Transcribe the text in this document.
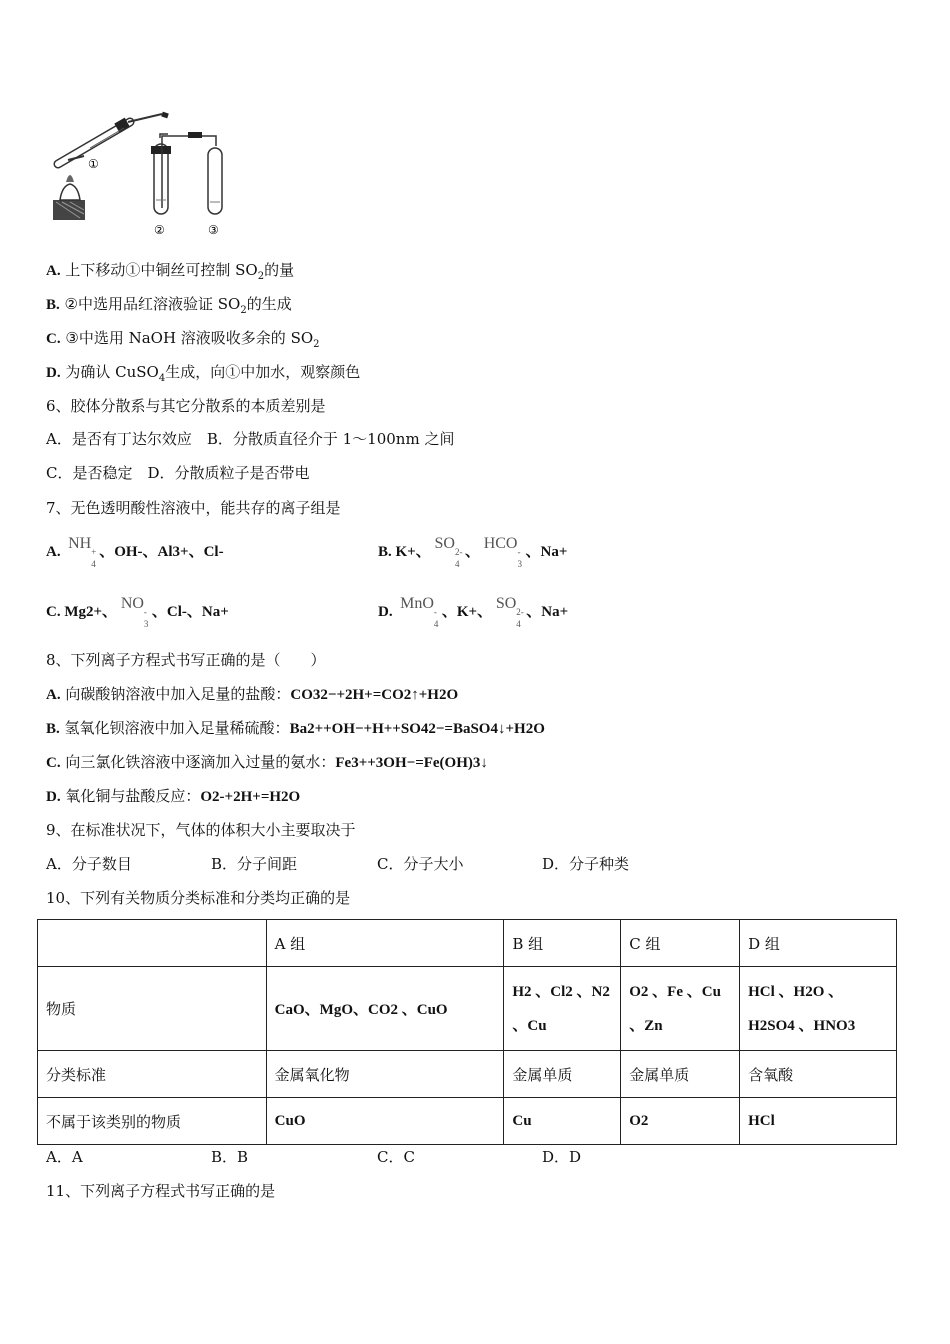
①
②	③
A. 上下移动①中铜丝可控制 $SO_2$的量
B. ②中选用品红溶液验证 $SO_2$的生成
C. ③中选用 NaOH 溶液吸收多余的 $SO_2$
D. 为确认 CuSO$_4$生成，向①中加水，观察颜色
6、胶体分散系与其它分散系的本质差别是
A．是否有丁达尔效应　B．分散质直径介于 1～100nm 之间
C．是否稳定　D．分散质粒子是否带电
7、无色透明酸性溶液中，能共存的离子组是
A. NH +
4
、OH-、Al3+、Cl-	B. K+、 SO 2-
4
、 HCO -
3
、Na+
C. Mg2+、 NO -
3
、Cl-、Na+	D. MnO -
4
、K+、 SO 2-
4
、Na+
8、下列离子方程式书写正确的是（　　）
A. 向碳酸钠溶液中加入足量的盐酸：CO32−+2H+=CO2↑+H2O
B. 氢氧化钡溶液中加入足量稀硫酸：Ba2++OH−+H++SO42−=BaSO4↓+H2O
C. 向三氯化铁溶液中逐滴加入过量的氨水：Fe3++3OH−=Fe(OH)3↓
D. 氧化铜与盐酸反应：O2-+2H+=H2O
9、在标准状况下，气体的体积大小主要取决于
A．分子数目	B．分子间距	C．分子大小	D．分子种类
10、下列有关物质分类标准和分类均正确的是
	A 组	B 组	C 组	D 组
物质	CaO、MgO、CO2 、CuO	H2 、Cl2 、N2 、Cu	O2 、Fe 、Cu 、Zn	HCl 、H2O 、H2SO4 、HNO3
分类标准	金属氧化物	金属单质	金属单质	含氧酸
不属于该类别的物质	CuO	Cu	O2	HCl
A．A	B．B	C．C	D．D
11、下列离子方程式书写正确的是
